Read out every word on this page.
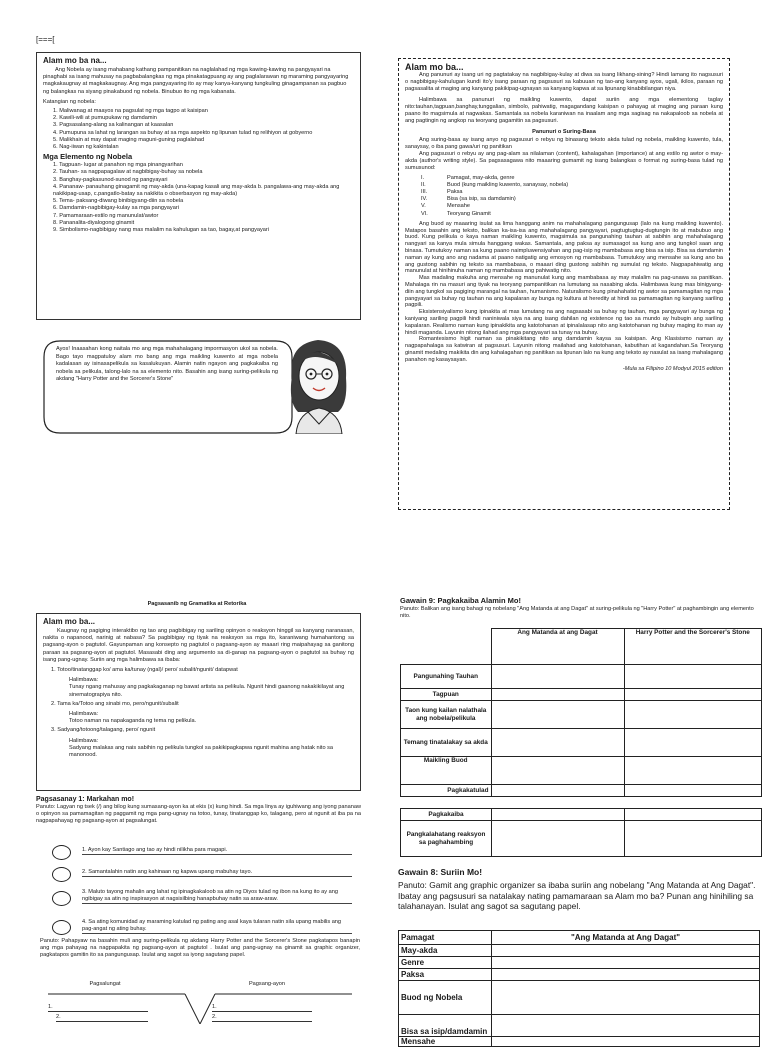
[===[
Alam mo ba na...

Ang Nobela ay isang mahabang kathang pampanitikan na naglalahad ng mga kawing-kawing na pangyayari na pinaghabi sa isang mahusay na pagbabalangkas ng mga pinakatagpuang ay ang paglalarawan ng maraming pangyayaring magkakaugnay at magkakaugnay. Ang mga pangyayaring ito ay may kanya-kanyang tungkuling ginagampanan sa pagbuo ng balangkas na siyang pinakabuod ng nobela. Binubuo ito ng mga kabanata.

Katangian ng nobela:

1. Maliwanag at maayos na pagsulat ng mga tagpo at kaisipan
2. Kawili-wili at pumupukaw ng damdamin
3. Pagsasalang-alang sa kalinangan at kaasalan
4. Pumupuna sa lahat ng larangan sa buhay at sa mga aspekto ng lipunan tulad ng relihiyon at gobyerno
5. Malikhain at may dapat maging maguni-guning paglalahad
6. Nag-iiwan ng kakintalan
Mga Elemento ng Nobela
1. Tagpuan- lugar at panahon ng mga pinangyarihan
2. Tauhan- sa nagpapagalaw at nagbibigay-buhay sa nobela
3. Banghay-pagkasunod-sunod ng pangyayari
4. Pananaw- panauhang ginagamit ng may-akda (una-kapag kasali ang may-akda b. pangalawa-ang may-akda ang nakikipag-usap, c.pangatlo-batay sa nakikita o obserbasyon ng may-akda)
5. Tema- paksang-diwang binibigyang-diin sa nobela
6. Damdamin-nagbibigay-kulay sa mga pangyayari
7. Pamamaraan-estilo ng manunulat/awtor
8. Pananalita-diyalogong ginamit
9. Simbolismo-nagbibigay nang mas malalim na kahulugan sa tao, bagay,at pangyayari
Ayos! Inaasahan kong naitala mo ang mga mahahalagang impormasyon ukol sa nobela. Bago tayo magpatuloy alam mo bang ang mga maikling kuwento at mga nobela kadalasan ay isinasapelikula sa kasalukuyan. Alamin natin ngayon ang pagkakaiba ng nobela sa pelikula, talong-lalo na sa elemento nito. Basahin ang isang suring-pelikula ng akdang "Harry Potter and the Sorcerer's Stone"
Alam mo ba...

Ang panunuri ay isang uri ng pagtatakay na nagbibigay-kulay at diwa sa isang likhang-sining? Hindi lamang ito nagsusuri o nagbibigay-kahulugan kundi ito'y isang paraan ng pagsusuri sa kabuuan ng tao-ang kanyang ayos, ugali, ikilos, paraan ng pagsasalita at maging ang kanyang pakikipag-ugnayan sa kanyang kapwa at sa lipunang kinabibilangan niya.

Halimbawa sa panunuri ng maikling kuwento, dapat suriin ang mga elementong taglay nito:tauhan,tagpuan,banghay,tunggalian, simbolo, pahiwatig, magagandang kaisipan o pahayag at maging ang paraan kung paano ito magsimula at nagwakas. Samantala sa nobela karaniwan na inaalam ang mga sagisag na nakapaloob sa nobela at ang pagtingin ng angkop na teoryang gagamitin sa pagsusuri.

Panunuri o Suring-Basa

Ang suring-basa ay isang anyo ng pagsusuri o rebyu ng binasang teksto akda tulad ng nobela, maikling kuwento, tula, sanaysay, o iba pang gawa/uri ng panitikan

Ang pagsusuri o rebyu ay ang pag-alam sa nilalaman (content), kahalagahan (importance) at ang estilo ng awtor o may-akda (author's writing style). Sa pagsasagawa nito maaaring gumamit ng isang balangkas o format ng suring-basa tulad ng sumusunod:

I.	Pamagat, may-akda, genre
II.	Buod (kung maikling kuwento, sanaysay, nobela)
III.	Paksa
IV.	Bisa (sa isip, sa damdamin)
V.	Mensahe
VI.	Teoryang Ginamit

Ang buod ay maaaring isulat sa lima hanggang anim na mahahalagang pangungusap (lalo na kung maikling kuwento). Matapos basahin ang teksto, balikan ka-isa-isa ang mahahalagang pangyayari, pagtugtugtug-dugtungin ito at mabubuo ang buod. Kung pelikula o kaya naman maikling kuwento, magsimula sa pangunahing tauhan at sabihin ang mahahalagang nangyari sa kanya mula simula hanggang wakas. Samantala, ang paksa ay sumasagot sa kung ano ang tungkol saan ang binasa. Tumutukoy naman sa kung paano naimpluwensiyahan ang pag-isip ng mambabasa ang bisa sa isip. Bisa sa damdamin naman ay kung ano ang nadama at paano natigatig ang emosyon ng mambabasa. Tumutukoy ang mensahe sa kung ano ba ang gustong sabihin ng teksto sa mambabasa, o maaari ding gustong sabihin ng sumulat ng teksto. Nagpapahiwatig ang manunulat at hinihinuha naman ng mambabasa ang pahiwatig nito.

Mas madaling makuha ang mensahe ng manunulat kung ang mambabasa ay may malalim na pag-unawa sa panitikan. Mahalaga rin na masuri ang tiyak na teoryang pampanitikan na lumutang sa nasabing akda. Halimbawa kung mas binigyang-diin ang tungkol sa pagiging marangal na tauhan, humanismo. Naturalismo kung pinahahatid ng awtor sa pamamagitan ng mga pangyayari sa buhay ng tauhan na ang kapalaran ay bunga ng kultura at heredity at hindi sa pamamagitan ng kanyang sariling pagpili.

Eksistensiyalismo kung ipinakita at mas lumutang na ang nagsasabi sa buhay ng tauhan, mga pangyayari ay bunga ng kaniyang sariling pagpili hindi naniniwala siya na ang isang dahilan ng existence ng tao sa mundo ay hubugin ang sariling kapalaran. Realismo naman kung ipinakikita ang katotohanan at ipinalalasap nito ang katotohanan ng buhay maging ito man ay hindi maganda. Layunin nitong ilahad ang mga pangyayari sa tunay na buhay.

Romantesismo higit naman sa pinakikitang nito ang damdamin kaysa sa kaisipan. Ang Klasisismo naman ay nagpapahalaga sa katwiran at pagsusuri. Layunin nitong mailahad ang katotohanan, kabutihan at kagandahan.Sa Teoryang ginamit medaling makikita din ang kahalagahan ng panitikan sa lipunan lalo na kung ang teksto ay nasulat sa isang mahalagang panahon ng kasaysayan.

-Mula sa Filipino 10 Modyul 2015 edition
Pagsasanib ng Gramatika at Retorika
Alam mo ba...

Kaugnay ng pagiging interaktibo ng tao ang pagbibigay ng sariling opinyon o reaksyon hinggil sa kanyang naranasan, nakita o napanood, narinig at nabasa? Sa pagbibigay ng tiyak na reaksyon sa mga ito, karaniwang humahantong sa pagsang-ayon o pagtutol. Gayunpaman ang konsepto ng pagtutol o pagsang-ayon ay maaari ring maipahayag sa ganitong paraan sa pagsang-ayon at pagtutol. Masasabi ding ang argumento sa di-ganap na pagsang-ayon o pagtutol sa buhay ng isang pang-ugnay. Suriin ang mga halimbawa sa ibaba:

1. Totoo/tinatanggap ko/ ama ka/tunay (ngal)/ pero/ subalit/ngunit/ datapwat
Halimbawa:
Tunay ngang mahusay ang pagkakaganap ng bawat artista sa pelikula. Ngunit hindi gaanong nakakikilayat ang sinematograpiya nito.
2. Tama ka/Totoo ang sinabi mo, pero/ngunit/subalit
Halimbawa:
Totoo naman na napakaganda ng tema ng pelikula.
3. Sadyang/totoong/talagang, pero/ ngunit
Halimbawa:
Sadyang malakas ang nais sabihin ng pelikula tungkol sa pakikipagkapwa ngunit mahina ang hatak nito sa manonood.
Pagsasanay 1: Markahan mo!

Panuto: Lagyan ng tsek (/) ang bilog kung sumasang-ayon ka at ekis (x) kung hindi. Sa mga linya ay iguhiwang ang iyong pananaw o opinyon sa pamamagitan ng paggamit ng mga pang-ugnay na totoo, tunay, tinatanggap ko, talagang, pero at ngunit at iba pa na nagpapahayag ng pagsang-ayon at pagsalungat.

1. Ayon kay Santiago ang tao ay hindi nilikha para magapi.
2. Samantalahin natin ang kahinaan ng kapwa upang mabuhay tayo.
3. Maluto tayong mahalin ang lahat ng ipinagkakaloob sa atin ng Diyos tulad ng ibon na kung ito ay ang ngibigay sa atin ng inspirasyon at nagsisilbing hanapbuhay natin sa araw-araw.
4. Sa ating komunidad ay maraming katulad ng pating ang asal kaya tularan natin sila upang mabilis ang pag-angat ng ating buhay.

Panuto: Pahapyaw na basahin muli ang suring-pelikula ng akdang Harry Potter and the Sorcerer's Stone pagkatapos banapin ang mga pahayag na nagpapakita ng pagsang-ayon at pagtutol . Isulat ang pang-ugnay na ginamit sa graphic organizer, pagkatapos gamitin ito sa pangungusap. Isulat ang sagot sa iyong sagutang papel.

Pagsalungat	Pagsang-ayon
1.
2.
1.
2.
Gawain 9: Pagkakaiba Alamin Mo!

Panuto: Balikan ang isang bahagi ng nobelang "Ang Matanda at ang Dagat" at suring-pelikula ng "Harry Potter" at paghambingin ang elemento nito.

	Ang Matanda at ang Dagat	Harry Potter and the Sorcerer's Stone
Pangunahing Tauhan		
Tagpuan		
Taon kung kailan nalathala ang nobela/pelikula		
Temang tinatalakay sa akda		
Maikling Buod		
Pagkakatulad		
Pagkakaiba		
Pangkalahatang reaksyon sa paghahambing		
Gawain 8: Suriin Mo!

Panuto: Gamit ang graphic organizer sa ibaba suriin ang nobelang "Ang Matanda at Ang Dagat". Ibatay ang pagsusuri sa natalakay nating pamamaraan sa Alam mo ba? Punan ang hinihiling sa talahanayan. Isulat ang sagot sa sagutang papel.

Pamagat	"Ang Matanda at Ang Dagat"
May-akda	
Genre	
Paksa	
Buod ng Nobela	
Bisa sa isip/damdamin	
Mensahe	
